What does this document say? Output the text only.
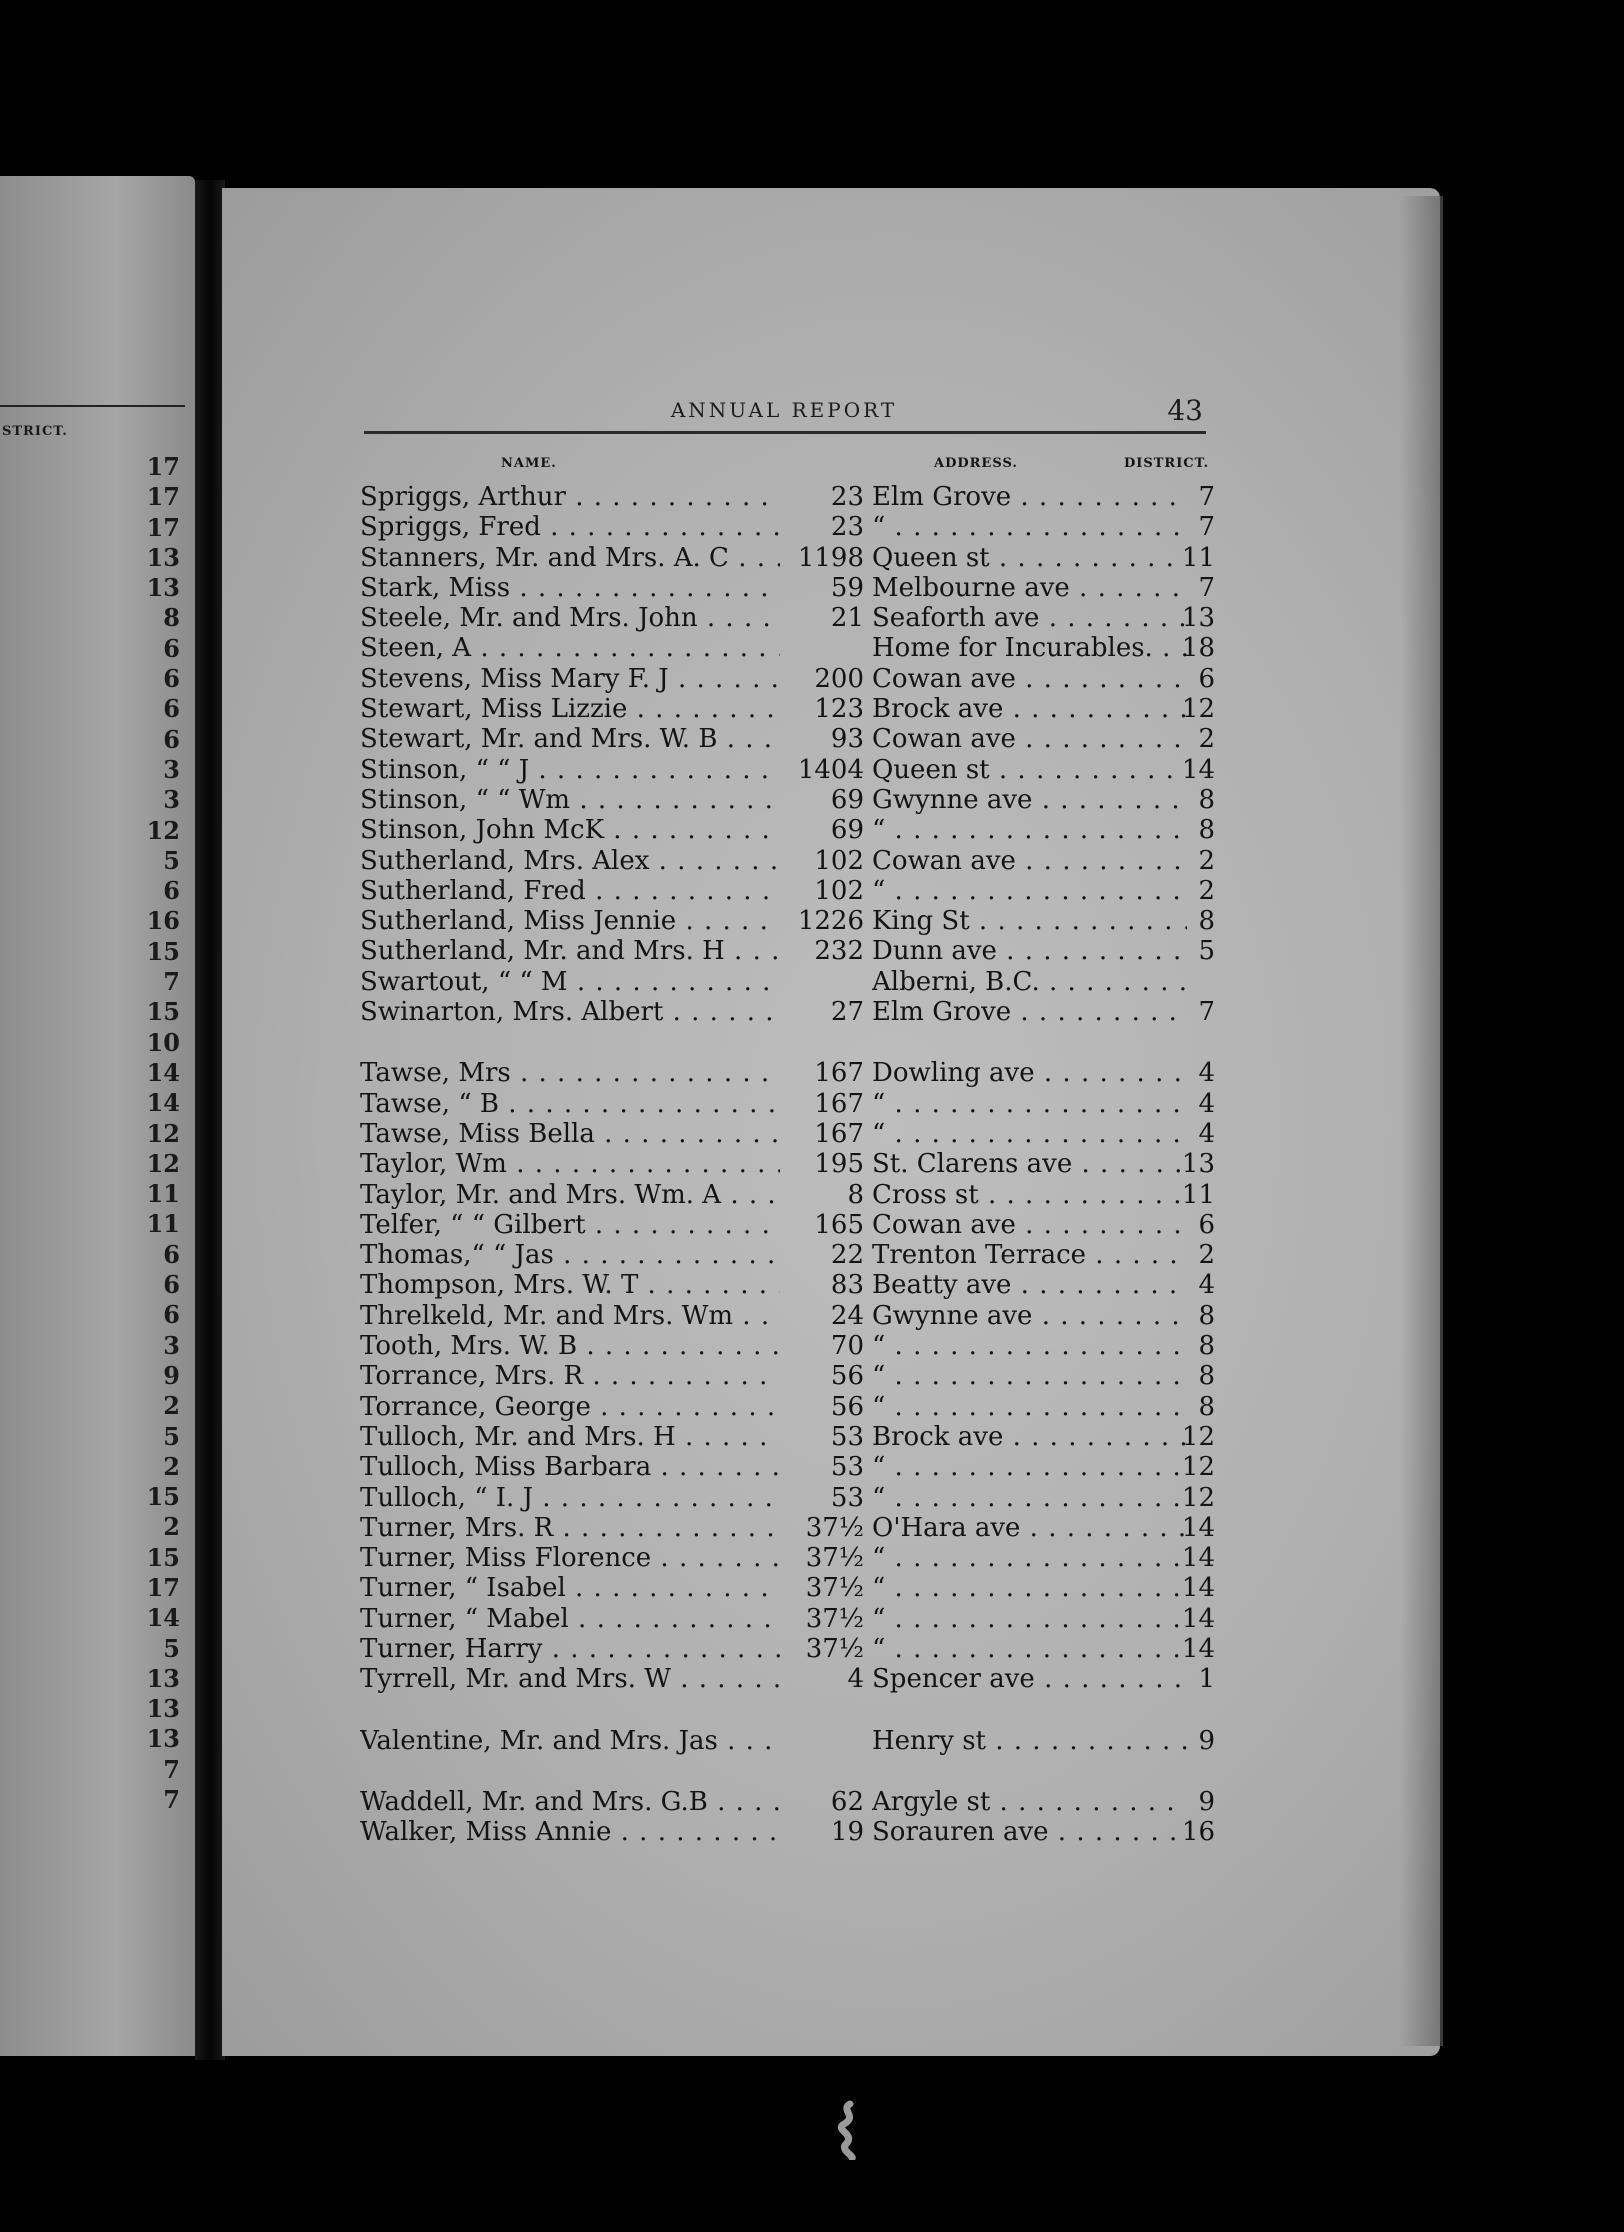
STRICT.
17
17
17
13
13
8
6
6
6
6
3
3
12
5
6
16
15
7
15
10
14
14
12
12
11
11
6
6
6
3
9
2
5
2
15
2
15
17
14
5
13
13
13
7
7
ANNUAL REPORT	43
NAME.	ADDRESS.	DISTRICT.
Spriggs, Arthur . . .	23 Elm Grove . . .	7
Spriggs, Fred . . .	23 “ . . .	7
Stanners, Mr. and Mrs. A. C . . .	1198 Queen st . . .	11
Stark, Miss . . .	59 Melbourne ave . . .	7
Steele, Mr. and Mrs. John . . .	21 Seaforth ave . . .	13
Steen, A . . .	Home for Incurables. . . .	18
Stevens, Miss Mary F. J . . .	200 Cowan ave . . .	6
Stewart, Miss Lizzie . . .	123 Brock ave . . .	12
Stewart, Mr. and Mrs. W. B . . .	93 Cowan ave . . .	2
Stinson, “ “ J . . .	1404 Queen st . . .	14
Stinson, “ “ Wm . . .	69 Gwynne ave . . .	8
Stinson, John McK . . .	69 “ . . .	8
Sutherland, Mrs. Alex . . .	102 Cowan ave . . .	2
Sutherland, Fred . . .	102 “ . . .	2
Sutherland, Miss Jennie . . .	1226 King St . . .	8
Sutherland, Mr. and Mrs. H . . .	232 Dunn ave . . .	5
Swartout, “ “ M . . .	Alberni, B.C. . . .
Swinarton, Mrs. Albert . . .	27 Elm Grove . . .	7
Tawse, Mrs . . .	167 Dowling ave . . .	4
Tawse, “ B . . .	167 “ . . .	4
Tawse, Miss Bella . . .	167 “ . . .	4
Taylor, Wm . . .	195 St. Clarens ave . . .	13
Taylor, Mr. and Mrs. Wm. A . . .	8 Cross st . . .	11
Telfer, “ “ Gilbert . . .	165 Cowan ave . . .	6
Thomas,“ “ Jas . . .	22 Trenton Terrace . . .	2
Thompson, Mrs. W. T . . .	83 Beatty ave . . .	4
Threlkeld, Mr. and Mrs. Wm . . .	24 Gwynne ave . . .	8
Tooth, Mrs. W. B . . .	70 “ . . .	8
Torrance, Mrs. R . . .	56 “ . . .	8
Torrance, George . . .	56 “ . . .	8
Tulloch, Mr. and Mrs. H . . .	53 Brock ave . . .	12
Tulloch, Miss Barbara . . .	53 “ . . .	12
Tulloch, “ I. J . . .	53 “ . . .	12
Turner, Mrs. R . . .	37½ O'Hara ave . . .	14
Turner, Miss Florence . . .	37½ “ . . .	14
Turner, “ Isabel . . .	37½ “ . . .	14
Turner, “ Mabel . . .	37½ “ . . .	14
Turner, Harry . . .	37½ “ . . .	14
Tyrrell, Mr. and Mrs. W . . .	4 Spencer ave . . .	1
Valentine, Mr. and Mrs. Jas . . .	Henry st . . .	9
Waddell, Mr. and Mrs. G.B . . .	62 Argyle st . . .	9
Walker, Miss Annie . . .	19 Sorauren ave . . .	16
